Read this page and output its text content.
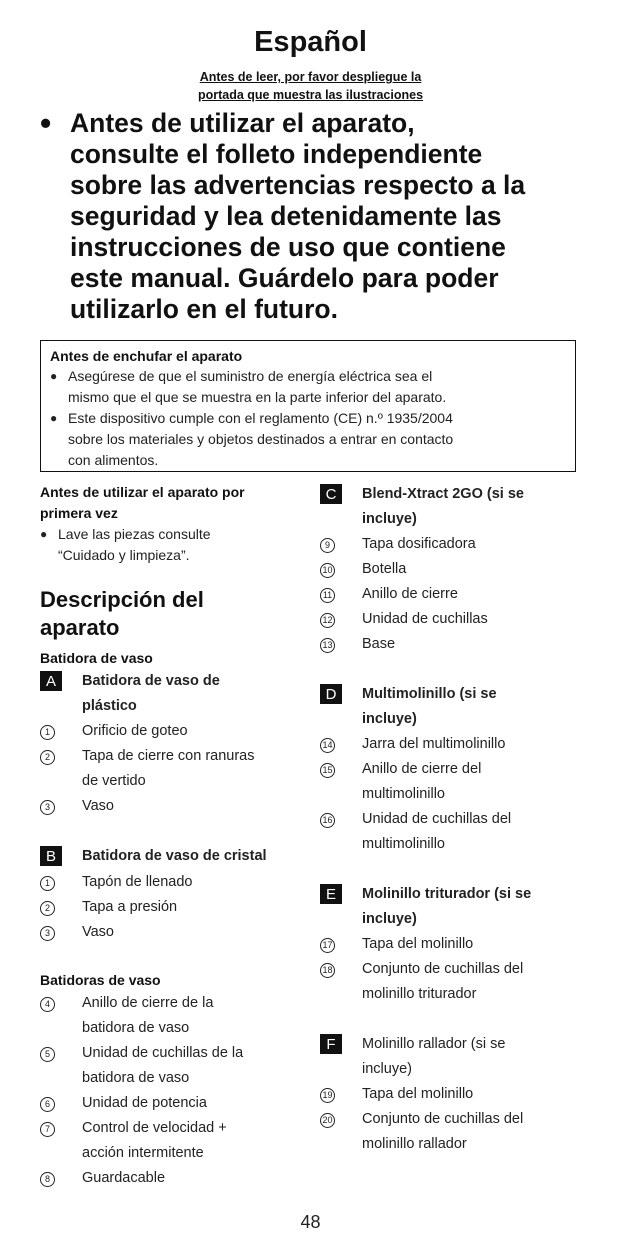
Español
Antes de leer, por favor despliegue la
portada que muestra las ilustraciones
• Antes de utilizar el aparato,
consulte el folleto independiente
sobre las advertencias respecto a la
seguridad y lea detenidamente las
instrucciones de uso que contiene
este manual. Guárdelo para poder
utilizarlo en el futuro.
Antes de enchufar el aparato
● Asegúrese de que el suministro de energía eléctrica sea el
mismo que el que se muestra en la parte inferior del aparato.
● Este dispositivo cumple con el reglamento (CE) n.º 1935/2004
sobre los materiales y objetos destinados a entrar en contacto
con alimentos.
Antes de utilizar el aparato por
primera vez
● Lave las piezas consulte
“Cuidado y limpieza”.
Descripción del
aparato
Batidora de vaso
A	Batidora de vaso de
plástico
1	Orificio de goteo
2	Tapa de cierre con ranuras
de vertido
3	Vaso
B	Batidora de vaso de cristal
1	Tapón de llenado
2	Tapa a presión
3	Vaso
Batidoras de vaso
4	Anillo de cierre de la
batidora de vaso
5	Unidad de cuchillas de la
batidora de vaso
6	Unidad de potencia
7	Control de velocidad +
acción intermitente
8	Guardacable
C	Blend-Xtract 2GO (si se
incluye)
9	Tapa dosificadora
10	Botella
11	Anillo de cierre
12	Unidad de cuchillas
13	Base
D	Multimolinillo (si se
incluye)
14	Jarra del multimolinillo
15	Anillo de cierre del
multimolinillo
16	Unidad de cuchillas del
multimolinillo
E	Molinillo triturador (si se
incluye)
17	Tapa del molinillo
18	Conjunto de cuchillas del
molinillo triturador
F	Molinillo rallador (si se
incluye)
19	Tapa del molinillo
20	Conjunto de cuchillas del
molinillo rallador
48
